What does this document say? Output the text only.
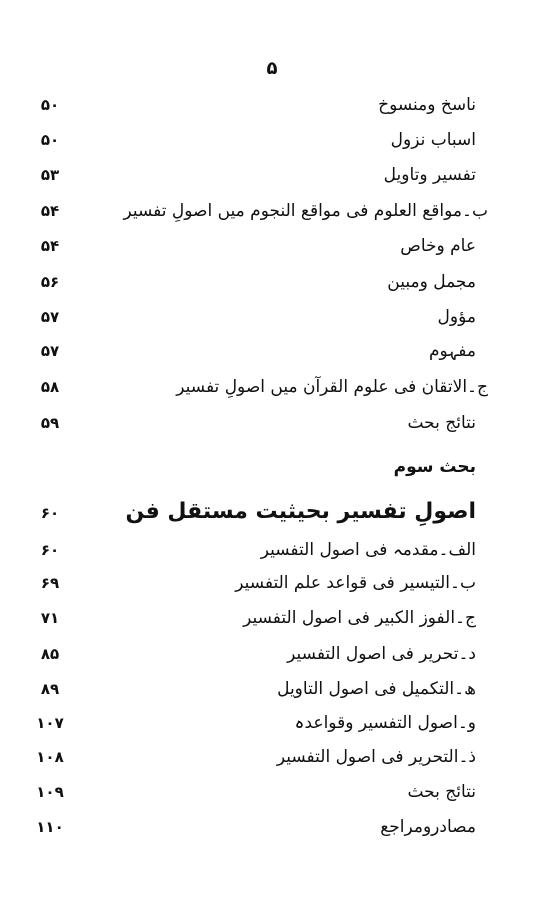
۵
ناسخ ومنسوخ
۵۰
اسباب نزول
۵۰
تفسیر وتاویل
۵۳
ب۔مواقع العلوم فی مواقع النجوم میں اصولِ تفسیر
۵۴
عام وخاص
۵۴
مجمل ومبین
۵۶
مؤول
۵۷
مفہوم
۵۷
ج۔الاتقان فی علوم القرآن میں اصولِ تفسیر
۵۸
نتائج بحث
۵۹
بحث سوم
اصولِ تفسیر بحیثیت مستقل فن
۶۰
الف۔مقدمہ فی اصول التفسیر
۶۰
ب۔التیسیر فی قواعد علم التفسیر
۶۹
ج۔الفوز الکبیر فی اصول التفسیر
۷۱
د۔تحریر فی اصول التفسیر
۸۵
ھ۔التکمیل فی اصول التاویل
۸۹
و۔اصول التفسیر وقواعدہ
۱۰۷
ذ۔التحریر فی اصول التفسیر
۱۰۸
نتائج بحث
۱۰۹
مصادرومراجع
۱۱۰
